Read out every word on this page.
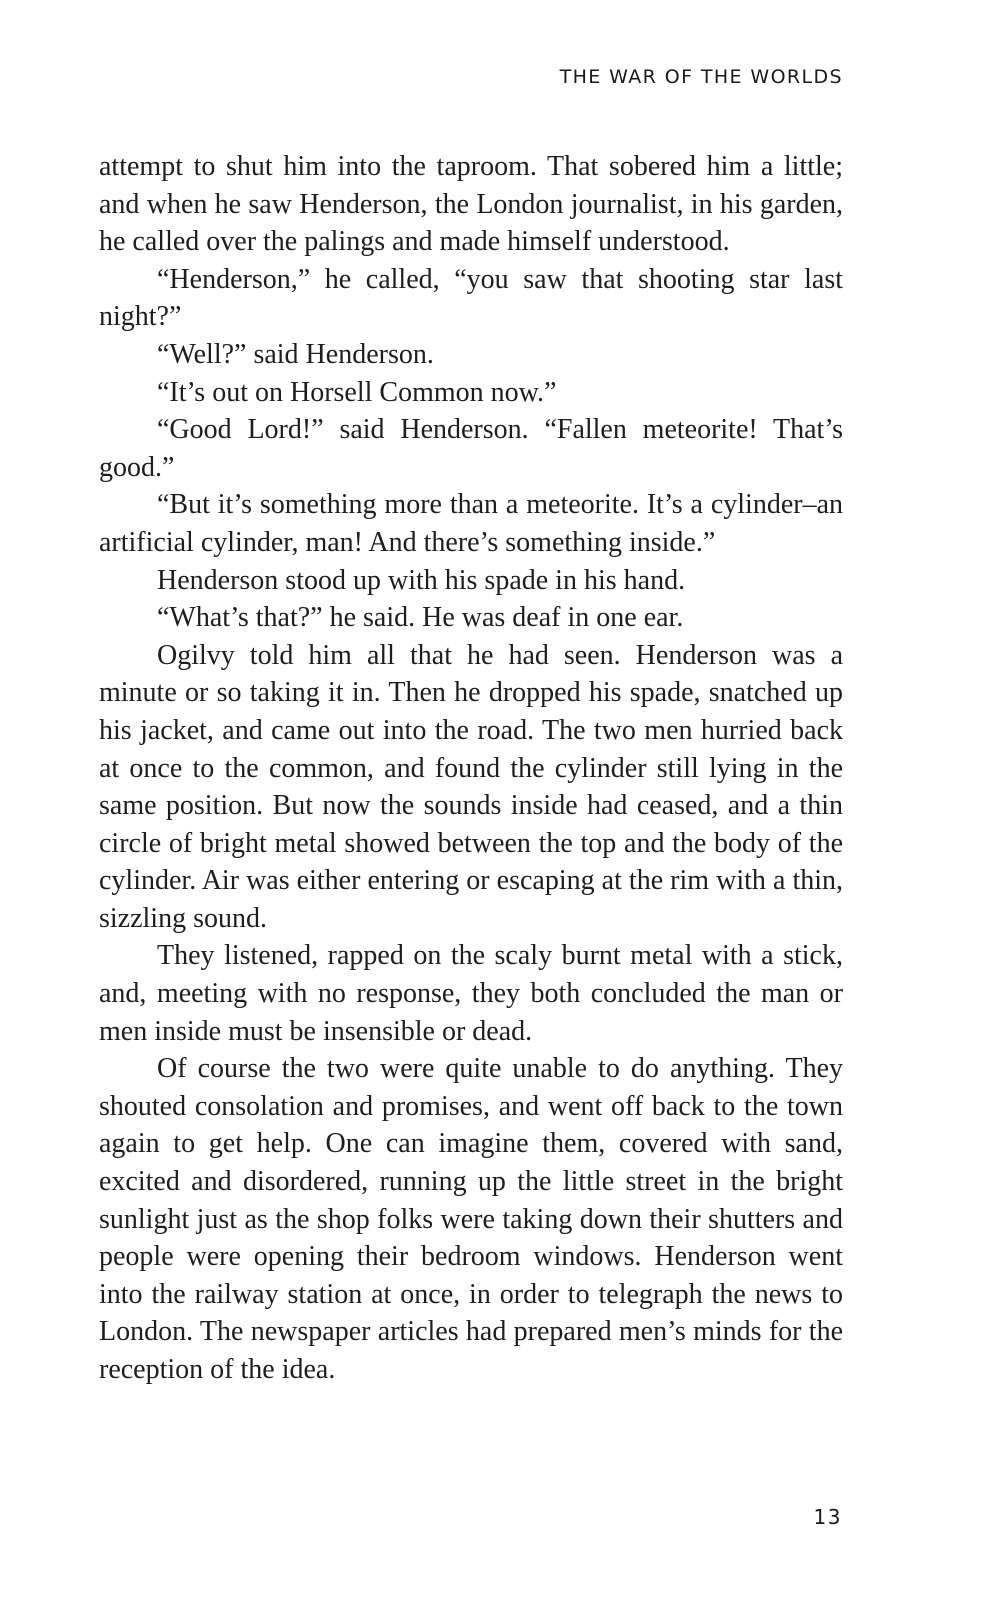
THE WAR OF THE WORLDS

attempt to shut him into the taproom. That sobered him a little; and when he saw Henderson, the London journalist, in his garden, he called over the palings and made himself understood.

“Henderson,” he called, “you saw that shooting star last night?”

“Well?” said Henderson.

“It’s out on Horsell Common now.”

“Good Lord!” said Henderson. “Fallen meteorite! That’s good.”

“But it’s something more than a meteorite. It’s a cylinder–an artificial cylinder, man! And there’s something inside.”

Henderson stood up with his spade in his hand.

“What’s that?” he said. He was deaf in one ear.

Ogilvy told him all that he had seen. Henderson was a minute or so taking it in. Then he dropped his spade, snatched up his jacket, and came out into the road. The two men hurried back at once to the common, and found the cylinder still lying in the same position. But now the sounds inside had ceased, and a thin circle of bright metal showed between the top and the body of the cylinder. Air was either entering or escaping at the rim with a thin, sizzling sound.

They listened, rapped on the scaly burnt metal with a stick, and, meeting with no response, they both concluded the man or men inside must be insensible or dead.

Of course the two were quite unable to do anything. They shouted consolation and promises, and went off back to the town again to get help. One can imagine them, covered with sand, excited and disordered, running up the little street in the bright sunlight just as the shop folks were taking down their shutters and people were opening their bedroom windows. Henderson went into the railway station at once, in order to telegraph the news to London. The newspaper articles had prepared men’s minds for the reception of the idea.

13
